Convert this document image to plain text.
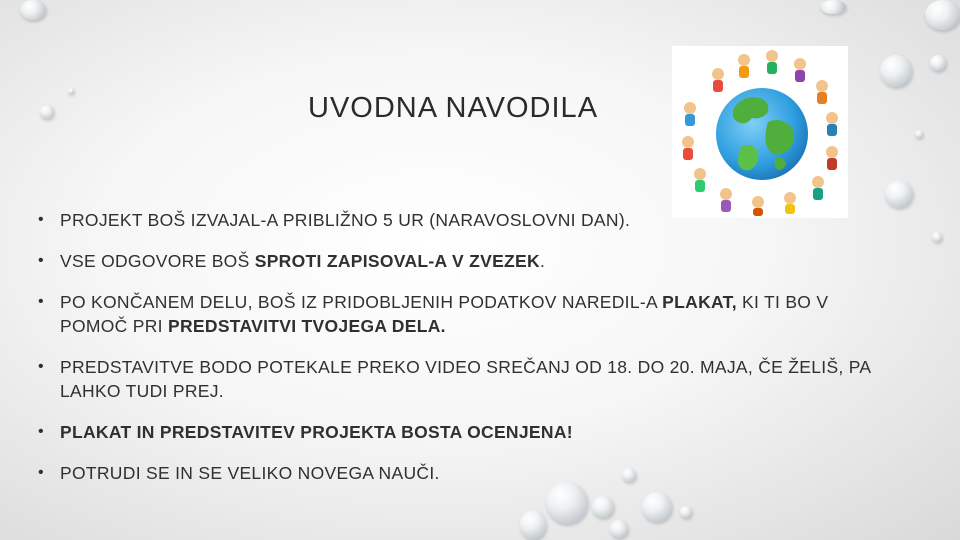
UVODNA NAVODILA
• PROJEKT BOŠ IZVAJAL-A PRIBLIŽNO 5 UR (NARAVOSLOVNI DAN).
• VSE ODGOVORE BOŠ SPROTI ZAPISOVAL-A V ZVEZEK.
• PO KONČANEM DELU, BOŠ IZ PRIDOBLJENIH PODATKOV NAREDIL-A PLAKAT, KI TI BO V POMOČ PRI PREDSTAVITVI TVOJEGA DELA.
• PREDSTAVITVE BODO POTEKALE PREKO VIDEO SREČANJ OD 18. DO 20. MAJA, ČE ŽELIŠ, PA LAHKO TUDI PREJ.
• PLAKAT IN PREDSTAVITEV PROJEKTA BOSTA OCENJENA!
• POTRUDI SE IN SE VELIKO NOVEGA NAUČI.
